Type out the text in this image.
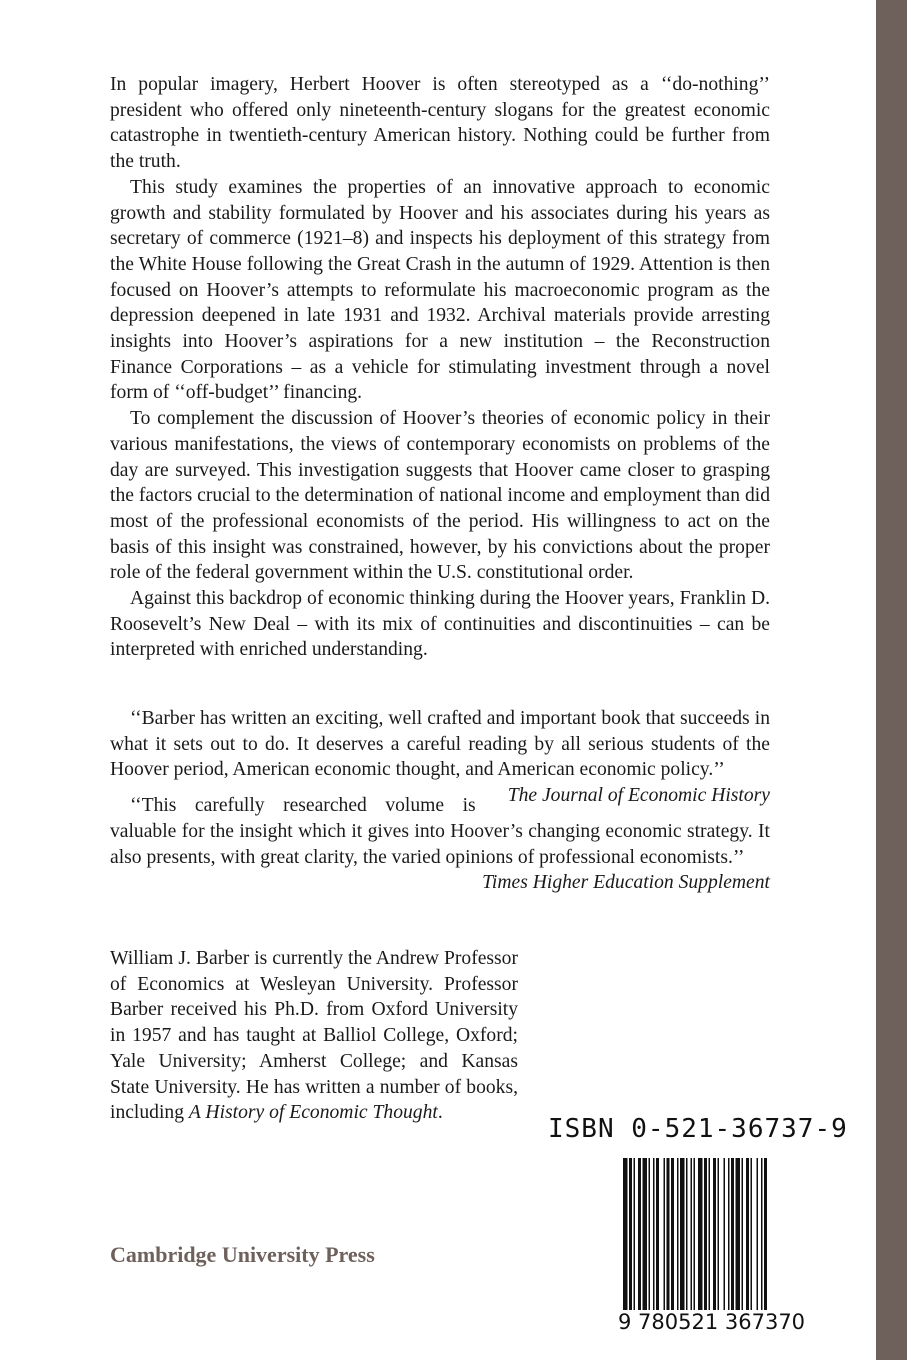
In popular imagery, Herbert Hoover is often stereotyped as a ‘‘do-nothing’’ president who offered only nineteenth-century slogans for the greatest economic catastrophe in twentieth-century American history. Nothing could be further from the truth.

This study examines the properties of an innovative approach to economic growth and stability formulated by Hoover and his associates during his years as secretary of commerce (1921–8) and inspects his deployment of this strategy from the White House following the Great Crash in the autumn of 1929. Attention is then focused on Hoover’s attempts to reformulate his macroeconomic program as the depression deepened in late 1931 and 1932. Archival materials provide arresting insights into Hoover’s aspirations for a new institution – the Reconstruction Finance Corporations – as a vehicle for stimulating investment through a novel form of ‘‘off-budget’’ financing.

To complement the discussion of Hoover’s theories of economic policy in their various manifestations, the views of contemporary economists on problems of the day are surveyed. This investigation suggests that Hoover came closer to grasping the factors crucial to the determination of national income and employment than did most of the professional economists of the period. His willingness to act on the basis of this insight was constrained, however, by his convictions about the proper role of the federal government within the U.S. constitutional order.

Against this backdrop of economic thinking during the Hoover years, Franklin D. Roosevelt’s New Deal – with its mix of continuities and discontinuities – can be interpreted with enriched understanding.

‘‘Barber has written an exciting, well crafted and important book that succeeds in what it sets out to do. It deserves a careful reading by all serious students of the Hoover period, American economic thought, and American economic policy.’’
The Journal of Economic History

‘‘This carefully researched volume is valuable for the insight which it gives into Hoover’s changing economic strategy. It also presents, with great clarity, the varied opinions of professional economists.’’
Times Higher Education Supplement

William J. Barber is currently the Andrew Professor of Economics at Wesleyan University. Professor Barber received his Ph.D. from Oxford University in 1957 and has taught at Balliol College, Oxford; Yale University; Amherst College; and Kansas State University. He has written a number of books, including A History of Economic Thought.
Cambridge University Press
ISBN 0-521-36737-9
9 780521 367370
